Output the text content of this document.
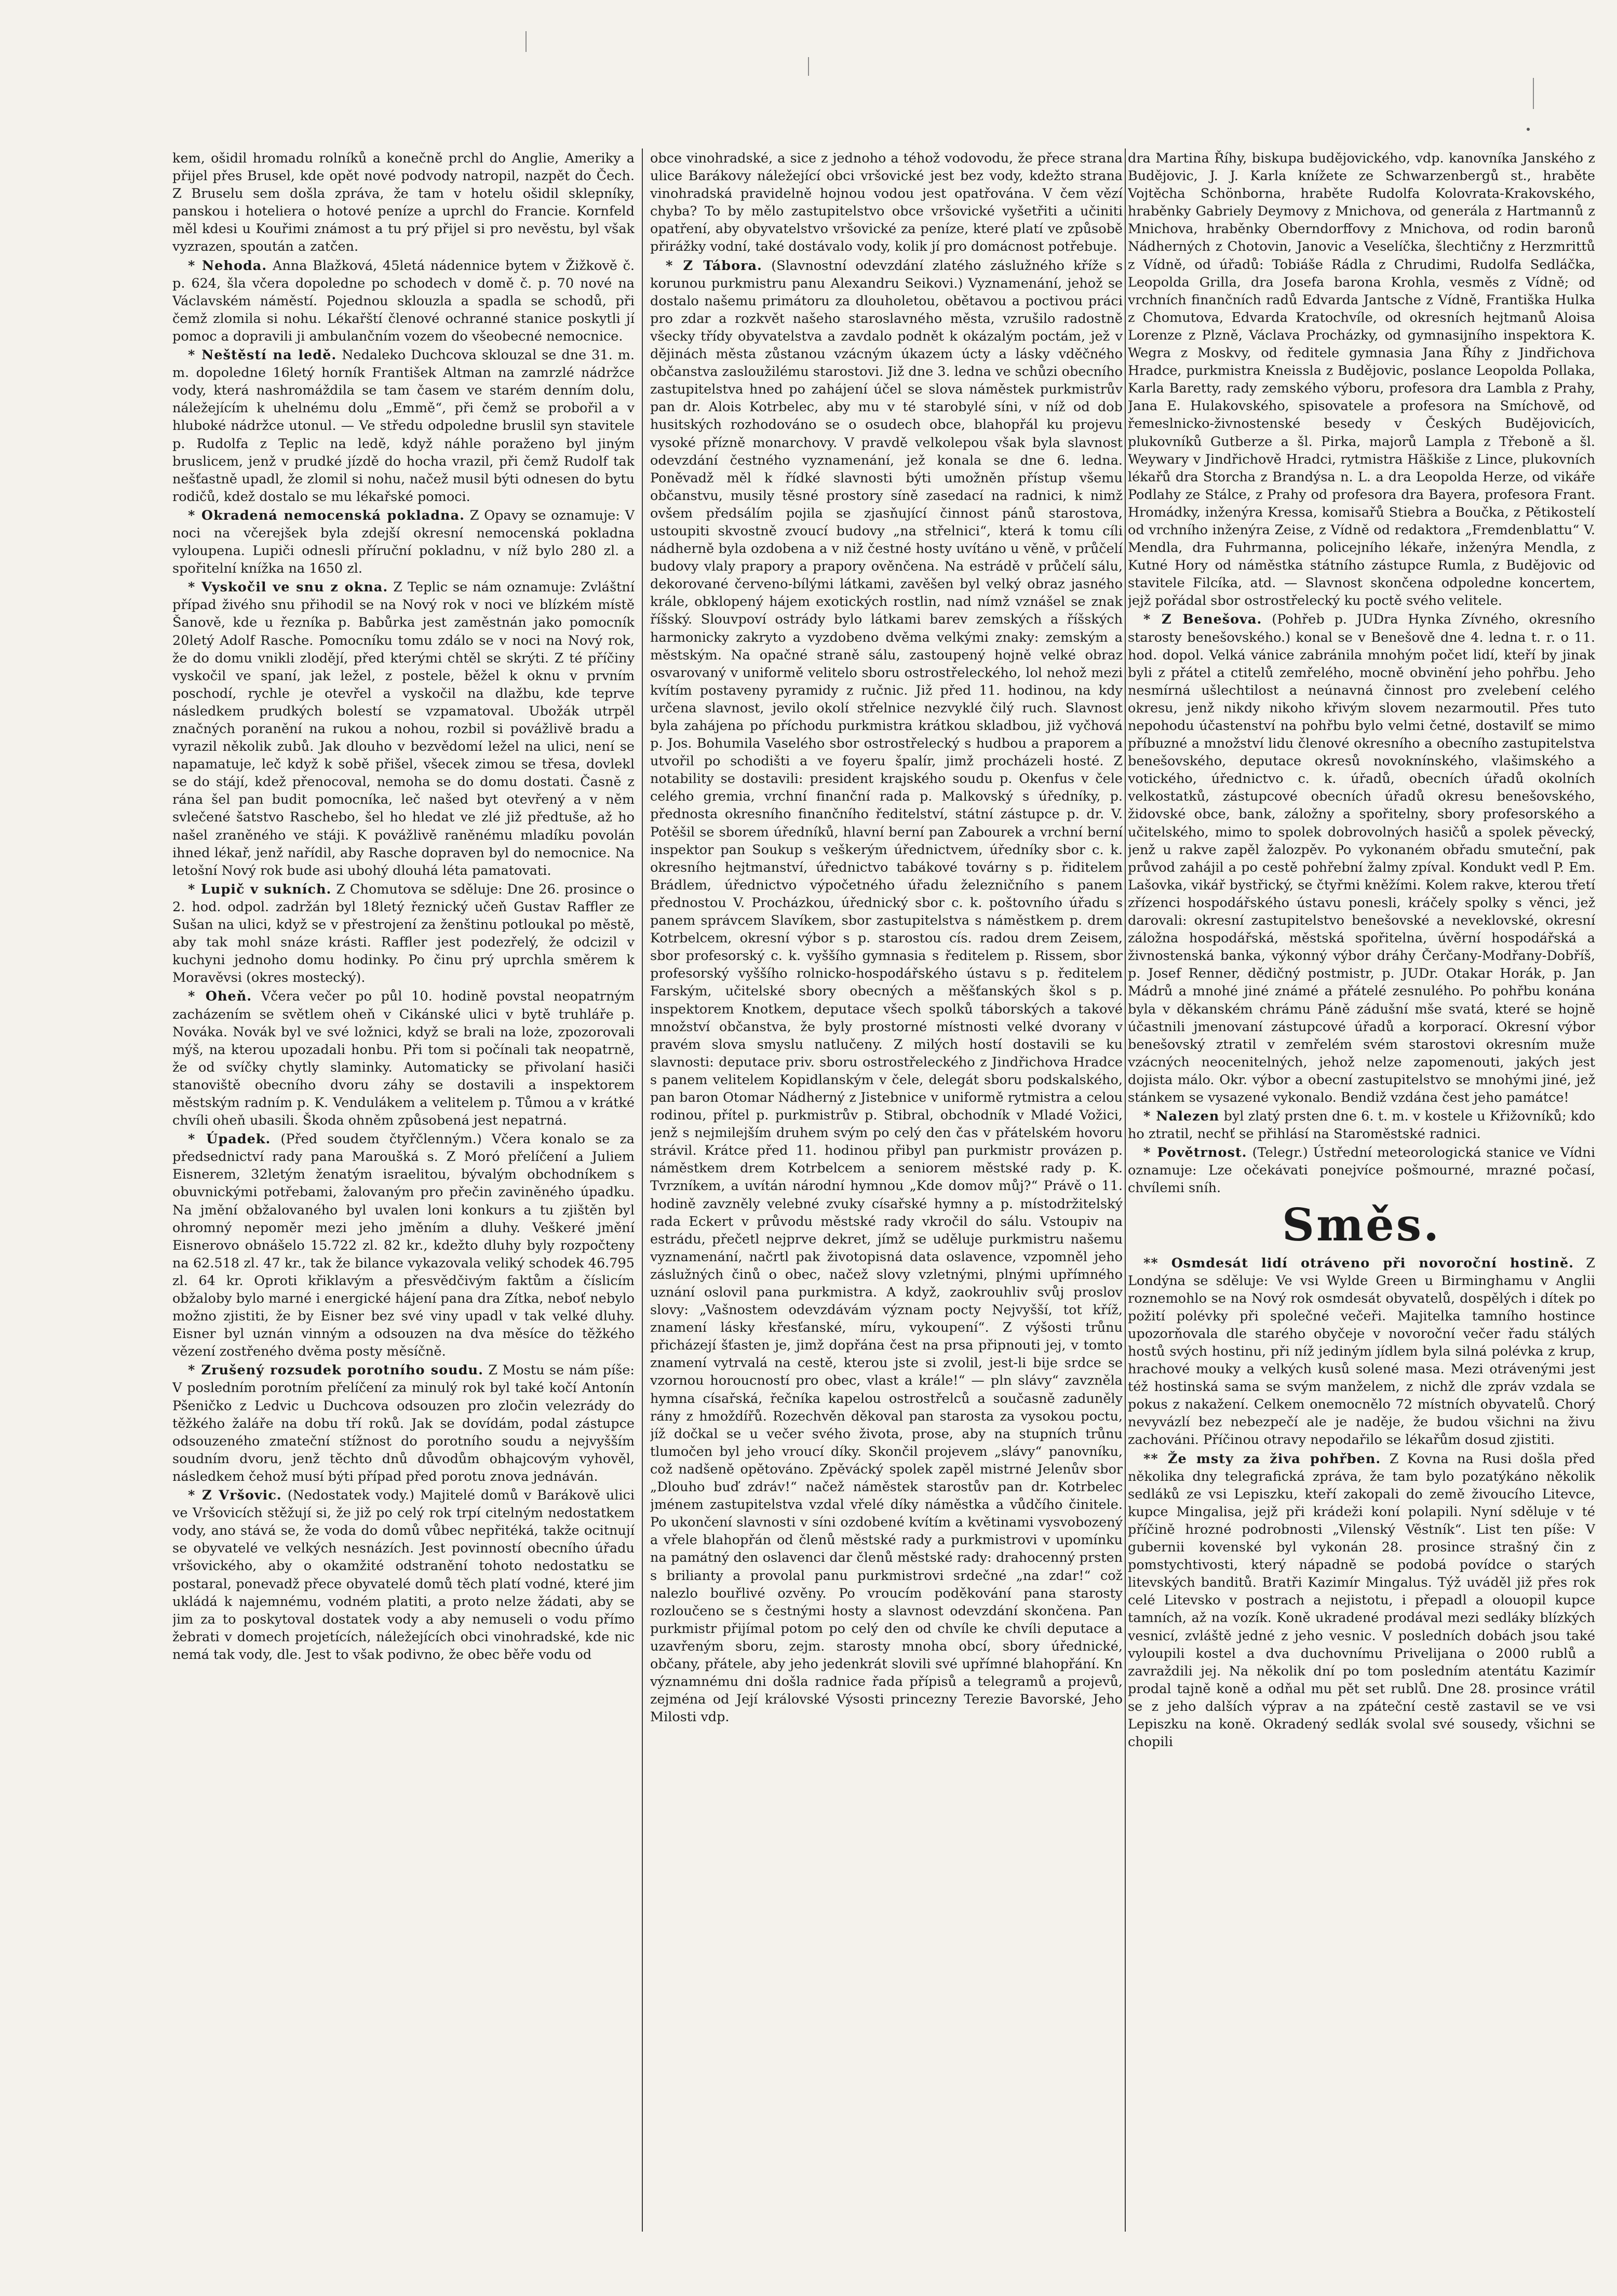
kem, ošidil hromadu rolníků a konečně prchl do Anglie, Ameriky a přijel přes Brusel, kde opět nové podvody natropil, nazpět do Čech. Z Bruselu sem došla zpráva, že tam v hotelu ošidil sklepníky, panskou i hoteliera o hotové peníze a uprchl do Francie. Kornfeld měl kdesi u Kouřimi známost a tu prý přijel si pro nevěstu, byl však vyzrazen, spoután a zatčen.

* Nehoda. Anna Blažková, 45letá nádennice bytem v Žižkově č. p. 624, šla včera dopoledne po schodech v domě č. p. 70 nové na Václavském náměstí. Pojednou sklouzla a spadla se schodů, při čemž zlomila si nohu. Lékařští členové ochranné stanice poskytli jí pomoc a dopravili ji ambulančním vozem do všeobecné nemocnice.

* Neštěstí na ledě. Nedaleko Duchcova sklouzal se dne 31. m. m. dopoledne 16letý horník František Altman na zamrzlé nádržce vody, která nashromáždila se tam časem ve starém denním dolu, náležejícím k uhelnému dolu „Emmě“, při čemž se probořil a v hluboké nádržce utonul. — Ve středu odpoledne bruslil syn stavitele p. Rudolfa z Teplic na ledě, když náhle poraženo byl jiným bruslicem, jenž v prudké jízdě do hocha vrazil, při čemž Rudolf tak nešťastně upadl, že zlomil si nohu, načež musil býti odnesen do bytu rodičů, kdež dostalo se mu lékařské pomoci.

* Okradená nemocenská pokladna. Z Opavy se oznamuje: V noci na včerejšek byla zdejší okresní nemocenská pokladna vyloupena. Lupiči odnesli příruční pokladnu, v níž bylo 280 zl. a spořitelní knížka na 1650 zl.

* Vyskočil ve snu z okna. Z Teplic se nám oznamuje: Zvláštní případ živého snu přihodil se na Nový rok v noci ve blízkém místě Šanově, kde u řezníka p. Babůrka jest zaměstnán jako pomocník 20letý Adolf Rasche. Pomocníku tomu zdálo se v noci na Nový rok, že do domu vnikli zlodějí, před kterými chtěl se skrýti. Z té příčiny vyskočil ve spaní, jak ležel, z postele, běžel k oknu v prvním poschodí, rychle je otevřel a vyskočil na dlažbu, kde teprve následkem prudkých bolestí se vzpamatoval. Ubožák utrpěl značných poranění na rukou a nohou, rozbil si povážlivě bradu a vyrazil několik zubů. Jak dlouho v bezvědomí ležel na ulici, není se napamatuje, leč když k sobě přišel, všecek zimou se třesa, dovlekl se do stájí, kdež přenocoval, nemoha se do domu dostati. Časně z rána šel pan budit pomocníka, leč našed byt otevřený a v něm svlečené šatstvo Raschebo, šel ho hledat ve zlé již předtuše, až ho našel zraněného ve stáji. K povážlivě raněnému mladíku povolán ihned lékař, jenž nařídil, aby Rasche dopraven byl do nemocnice. Na letošní Nový rok bude asi ubohý dlouhá léta pamatovati.

* Lupič v sukních. Z Chomutova se sděluje: Dne 26. prosince o 2. hod. odpol. zadržán byl 18letý řeznický učeň Gustav Raffler ze Sušan na ulici, když se v přestrojení za ženštinu potloukal po městě, aby tak mohl snáze krásti. Raffler jest podezřelý, že odcizil v kuchyni jednoho domu hodinky. Po činu prý uprchla směrem k Moravěvsi (okres mostecký).

* Oheň. Včera večer po půl 10. hodině povstal neopatrným zacházením se světlem oheň v Cikánské ulici v bytě truhláře p. Nováka. Novák byl ve své ložnici, když se brali na loże, zpozorovali mýš, na kterou upozadali honbu. Při tom si počínali tak neopatrně, že od svíčky chytly slaminky. Automaticky se přivolaní hasiči stanoviště obecního dvoru záhy se dostavili a inspektorem městským radním p. K. Vendulákem a velitelem p. Tůmou a v krátké chvíli oheň ubasili. Škoda ohněm způsobená jest nepatrná.

* Úpadek. (Před soudem čtyřčlenným.) Včera konalo se za předsednictví rady pana Maroušká s. Z Moró přelíčení a Juliem Eisnerem, 32letým ženatým israelitou, bývalým obchodníkem s obuvnickými potřebami, žalovaným pro přečin zaviněného úpadku. Na jmění obžalovaného byl uvalen loni konkurs a tu zjištěn byl ohromný nepoměr mezi jeho jměním a dluhy. Veškeré jmění Eisnerovo obnášelo 15.722 zl. 82 kr., kdežto dluhy byly rozpočteny na 62.518 zl. 47 kr., tak že bilance vykazovala veliký schodek 46.795 zl. 64 kr. Oproti křiklavým a přesvědčivým faktům a číslicím obžaloby bylo marné i energické hájení pana dra Zítka, neboť nebylo možno zjistiti, že by Eisner bez své viny upadl v tak velké dluhy. Eisner byl uznán vinným a odsouzen na dva měsíce do těžkého vězení zostřeného dvěma posty měsíčně.

* Zrušený rozsudek porotního soudu. Z Mostu se nám píše: V posledním porotním přelíčení za minulý rok byl také kočí Antonín Pšeničko z Ledvic u Duchcova odsouzen pro zločin velezrády do těžkého žaláře na dobu tří roků. Jak se dovídám, podal zástupce odsouzeného zmateční stížnost do porotního soudu a nejvyšším soudním dvoru, jenž těchto dnů důvodům obhajcovým vyhověl, následkem čehož musí býti případ před porotu znova jednáván.

* Z Vršovic. (Nedostatek vody.) Majitelé domů v Barákově ulici ve Vršovicích stěžují si, že již po celý rok trpí citelným nedostatkem vody, ano stává se, že voda do domů vůbec nepřitéká, takže ocitnují se obyvatelé ve velkých nesnázích. Jest povinností obecního úřadu vršovického, aby o okamžité odstranění tohoto nedostatku se postaral, ponevadž přece obyvatelé domů těch platí vodné, které jim ukládá k najemnému, vodném platiti, a proto nelze žádati, aby se jim za to poskytoval dostatek vody a aby nemuseli o vodu přímo žebrati v domech projetících, náležejících obci vinohradské, kde nic nemá tak vody, dle. Jest to však podivno, že obec běře vodu od

obce vinohradské, a sice z jednoho a téhož vodovodu, že přece strana ulice Barákovy náležející obci vršovické jest bez vody, kdežto strana vinohradská pravidelně hojnou vodou jest opatřována. V čem vězí chyba? To by mělo zastupitelstvo obce vršovické vyšetřiti a učiniti opatření, aby obyvatelstvo vršovické za peníze, které platí ve způsobě přirážky vodní, také dostávalo vody, kolik jí pro domácnost potřebuje.

* Z Tábora. (Slavnostní odevzdání zlatého záslužného kříže s korunou purkmistru panu Alexandru Seikovi.) Vyznamenání, jehož se dostalo našemu primátoru za dlouholetou, obětavou a poctivou práci pro zdar a rozkvět našeho staroslavného města, vzrušilo radostně všecky třídy obyvatelstva a zavdalo podnět k okázalým poctám, jež v dějinách města zůstanou vzácným úkazem úcty a lásky vděčného občanstva zasloužilému starostovi. Již dne 3. ledna ve schůzi obecního zastupitelstva hned po zahájení účel se slova náměstek purkmistrův pan dr. Alois Kotrbelec, aby mu v té starobylé síni, v níž od dob husitských rozhodováno se o osudech obce, blahopřál ku projevu vysoké přízně monarchovy. V pravdě velkolepou však byla slavnost odevzdání čestného vyznamenání, jež konala se dne 6. ledna. Poněvadž měl k řídké slavnosti býti umožněn přístup všemu občanstvu, musily těsné prostory síně zasedací na radnici, k nimž ovšem předsálím pojila se zjasňující činnost pánů starostova, ustoupiti skvostně zvoucí budovy „na střelnici“, která k tomu cíli nádherně byla ozdobena a v niž čestné hosty uvítáno u věně, v průčelí budovy vlaly prapory a prapory ověnčena. Na estrádě v průčelí sálu, dekorované červeno-bílými látkami, zavěšen byl velký obraz jasného krále, obklopený hájem exotických rostlin, nad nímž vznášel se znak říšský. Slouvpoví ostrády bylo látkami barev zemských a říšských harmonicky zakryto a vyzdobeno dvěma velkými znaky: zemským a městským. Na opačné straně sálu, zastoupený hojně velké obraz osvarovaný v uniformě velitelo sboru ostrostřeleckého, lol nehož mezi kvítím postaveny pyramidy z ručnic. Již před 11. hodinou, na kdy určena slavnost, jevilo okolí střelnice nezvyklé čilý ruch. Slavnost byla zahájena po příchodu purkmistra krátkou skladbou, již vyčhová p. Jos. Bohumila Vaselého sbor ostrostřelecký s hudbou a praporem a utvořil po schodišti a ve foyeru špalír, jimž procházeli hosté. Z notability se dostavili: president krajského soudu p. Okenfus v čele celého gremia, vrchní finanční rada p. Malkovský s úředníky, p. přednosta okresního finančního ředitelství, státní zástupce p. dr. V. Potěšil se sborem úředníků, hlavní berní pan Zabourek a vrchní berní inspektor pan Soukup s veškerým úřednictvem, úředníky sbor c. k. okresního hejtmanství, úřednictvo tabákové továrny s p. řiditelem Brádlem, úřednictvo výpočetného úřadu železničního s panem přednostou V. Procházkou, úřednický sbor c. k. poštovního úřadu s panem správcem Slavíkem, sbor zastupitelstva s náměstkem p. drem Kotrbelcem, okresní výbor s p. starostou cís. radou drem Zeisem, sbor profesorský c. k. vyššího gymnasia s ředitelem p. Rissem, sbor profesorský vyššího rolnicko-hospodářského ústavu s p. ředitelem Farským, učitelské sbory obecných a měšťanských škol s p. inspektorem Knotkem, deputace všech spolků táborských a takové množství občanstva, že byly prostorné místnosti velké dvorany v pravém slova smyslu natlučeny. Z milých hostí dostavili se ku slavnosti: deputace priv. sboru ostrostřeleckého z Jindřichova Hradce s panem velitelem Kopidlanským v čele, delegát sboru podskalského, pan baron Otomar Nádherný z Jistebnice v uniformě rytmistra a celou rodinou, přítel p. purkmistrův p. Stibral, obchodník v Mladé Vožici, jenž s nejmilejším druhem svým po celý den čas v přátelském hovoru strávil. Krátce před 11. hodinou přibyl pan purkmistr provázen p. náměstkem drem Kotrbelcem a seniorem městské rady p. K. Tvrzníkem, a uvítán národní hymnou „Kde domov můj?“ Právě o 11. hodině zavzněly velebné zvuky císařské hymny a p. místodržitelský rada Eckert v průvodu městské rady vkročil do sálu. Vstoupiv na estrádu, přečetl nejprve dekret, jímž se uděluje purkmistru našemu vyznamenání, načrtl pak životopisná data oslavence, vzpomněl jeho záslužných činů o obec, načež slovy vzletnými, plnými upřímného uznání oslovil pana purkmistra. A když, zaokrouhliv svůj proslov slovy: „Vašnostem odevzdávám význam pocty Nejvyšší, tot kříž, znamení lásky křesťanské, míru, vykoupení“. Z výšosti trůnu přicházejí šťasten je, jimž dopřána čest na prsa připnouti jej, v tomto znamení vytrvalá na cestě, kterou jste si zvolil, jest-li bije srdce se vzornou horoucností pro obec, vlast a krále!“ — pln slávy“ zavzněla hymna císařská, řečníka kapelou ostrostřelců a současně zaduněly rány z hmoždířů. Rozechvěn děkoval pan starosta za vysokou poctu, jíž dočkal se u večer svého života, prose, aby na stupních trůnu tlumočen byl jeho vroucí díky. Skončil projevem „slávy“ panovníku, což nadšeně opětováno. Zpěvácký spolek zapěl mistrné Jelenův sbor „Dlouho buď zdráv!“ načež náměstek starostův pan dr. Kotrbelec jménem zastupitelstva vzdal vřelé díky náměstka a vůdčího činitele. Po ukončení slavnosti v síni ozdobené kvítím a květinami vysvobozený a vřele blahopřán od členů městské rady a purkmistrovi v upomínku na památný den oslavenci dar členů městské rady: drahocenný prsten s brilianty a provolal panu purkmistrovi srdečné „na zdar!“ což nalezlo bouřlivé ozvěny. Po vroucím poděkování pana starosty rozloučeno se s čestnými hosty a slavnost odevzdání skončena. Pan purkmistr přijímal potom po celý den od chvíle ke chvíli deputace a uzavřeným sboru, zejm. starosty mnoha obcí, sbory úřednické, občany, přátele, aby jeho jedenkrát slovili své upřímné blahopřání. Kn významnému dni došla radnice řada přípisů a telegramů a projevů, zejména od Její královské Výsosti princezny Terezie Bavorské, Jeho Milosti vdp.

dra Martina Říhy, biskupa budějovického, vdp. kanovníka Janského z Budějovic, J. J. Karla knížete ze Schwarzenbergů st., hraběte Vojtěcha Schönborna, hraběte Rudolfa Kolovrata-Krakovského, hraběnky Gabriely Deymovy z Mnichova, od generála z Hartmannů z Mnichova, hraběnky Oberndorffovy z Mnichova, od rodin baronů Nádherných z Chotovin, Janovic a Veselíčka, šlechtičny z Herzmrittů z Vídně, od úřadů: Tobiáše Rádla z Chrudimi, Rudolfa Sedláčka, Leopolda Grilla, dra Josefa barona Krohla, vesměs z Vídně; od vrchních finančních radů Edvarda Jantsche z Vídně, Františka Hulka z Chomutova, Edvarda Kratochvíle, od okresních hejtmanů Aloisa Lorenze z Plzně, Václava Procházky, od gymnasijního inspektora K. Wegra z Moskvy, od ředitele gymnasia Jana Říhy z Jindřichova Hradce, purkmistra Kneissla z Budějovic, poslance Leopolda Pollaka, Karla Baretty, rady zemského výboru, profesora dra Lambla z Prahy, Jana E. Hulakovského, spisovatele a profesora na Smíchově, od řemeslnicko-živnostenské besedy v Českých Budějovicích, plukovníků Gutberze a šl. Pirka, majorů Lampla z Třeboně a šl. Weywary v Jindřichově Hradci, rytmistra Häškiše z Lince, plukovních lékařů dra Storcha z Brandýsa n. L. a dra Leopolda Herze, od vikáře Podlahy ze Stálce, z Prahy od profesora dra Bayera, profesora Frant. Hromádky, inženýra Kressa, komisařů Stiebra a Boučka, z Pětikostelí od vrchního inženýra Zeise, z Vídně od redaktora „Fremdenblattu“ V. Mendla, dra Fuhrmanna, policejního lékaře, inženýra Mendla, z Kutné Hory od náměstka státního zástupce Rumla, z Budějovic od stavitele Filcíka, atd. — Slavnost skončena odpoledne koncertem, jejž pořádal sbor ostrostřelecký ku poctě svého velitele.

* Z Benešova. (Pohřeb p. JUDra Hynka Zívného, okresního starosty benešovského.) konal se v Benešově dne 4. ledna t. r. o 11. hod. dopol. Velká vánice zabránila mnohým počet lidí, kteří by jinak byli z přátel a ctitelů zemřelého, mocně obvinění jeho pohřbu. Jeho nesmírná ušlechtilost a neúnavná činnost pro zvelebení celého okresu, jenž nikdy nikoho křivým slovem nezarmoutil. Přes tuto nepohodu účastenství na pohřbu bylo velmi četné, dostavilť se mimo příbuzné a množství lidu členové okresního a obecního zastupitelstva benešovského, deputace okresů novoknínského, vlašimského a votického, úřednictvo c. k. úřadů, obecních úřadů okolních velkostatků, zástupcové obecních úřadů okresu benešovského, židovské obce, bank, záložny a spořitelny, sbory profesorského a učitelského, mimo to spolek dobrovolných hasičů a spolek pěvecký, jenž u rakve zapěl žalozpěv. Po vykonaném obřadu smuteční, pak průvod zahájil a po cestě pohřební žalmy zpíval. Kondukt vedl P. Em. Lašovka, vikář bystřický, se čtyřmi kněžími. Kolem rakve, kterou třetí zřízenci hospodářského ústavu ponesli, kráčely spolky s věnci, jež darovali: okresní zastupitelstvo benešovské a neveklovské, okresní záložna hospodářská, městská spořitelna, úvěrní hospodářská a živnostenská banka, výkonný výbor dráhy Čerčany-Modřany-Dobříš, p. Josef Renner, dědičný postmistr, p. JUDr. Otakar Horák, p. Jan Mádrů a mnohé jiné známé a přátelé zesnulého. Po pohřbu konána byla v děkanském chrámu Páně zádušní mše svatá, které se hojně účastnili jmenovaní zástupcové úřadů a korporací. Okresní výbor benešovský ztratil v zemřelém svém starostovi okresním muže vzácných neocenitelných, jehož nelze zapomenouti, jakých jest dojista málo. Okr. výbor a obecní zastupitelstvo se mnohými jiné, jež stánkem se vysazené vykonalo. Bendiž vzdána čest jeho památce!

* Nalezen byl zlatý prsten dne 6. t. m. v kostele u Křižovníků; kdo ho ztratil, nechť se přihlásí na Staroměstské radnici.

* Povětrnost. (Telegr.) Ústřední meteorologická stanice ve Vídni oznamuje: Lze očekávati ponejvíce pošmourné, mrazné počasí, chvílemi sníh.

Směs.

** Osmdesát lidí otráveno při novoroční hostině. Z Londýna se sděluje: Ve vsi Wylde Green u Birminghamu v Anglii roznemohlo se na Nový rok osmdesát obyvatelů, dospělých i dítek po požití polévky při společné večeři. Majitelka tamního hostince upozorňovala dle starého obyčeje v novoroční večer řadu stálých hostů svých hostinu, při níž jediným jídlem byla silná polévka z krup, hrachové mouky a velkých kusů solené masa. Mezi otrávenými jest též hostinská sama se svým manželem, z nichž dle zpráv vzdala se pokus z nakažení. Celkem onemocnělo 72 místních obyvatelů. Chorý nevyvázlí bez nebezpečí ale je naděje, že budou všichni na živu zachováni. Příčinou otravy nepodařilo se lékařům dosud zjistiti.

** Že msty za živa pohřben. Z Kovna na Rusi došla před několika dny telegrafická zpráva, že tam bylo pozatýkáno několik sedláků ze vsi Lepiszku, kteří zakopali do země živoucího Litevce, kupce Mingalisa, jejž při krádeži koní polapili. Nyní sděluje v té příčině hrozné podrobnosti „Vilenský Věstník“. List ten píše: V gubernii kovenské byl vykonán 28. prosince strašný čin z pomstychtivosti, který nápadně se podobá povídce o starých litevských banditů. Bratři Kazimír Mingalus. Týž uváděl již přes rok celé Litevsko v postrach a nejistotu, i přepadl a olouopil kupce tamních, až na vozík. Koně ukradené prodával mezi sedláky blízkých vesnicí, zvláště jedné z jeho vesnic. V posledních dobách jsou také vyloupili kostel a dva duchovnímu Privelijana o 2000 rublů a zavraždili jej. Na několik dní po tom posledním atentátu Kazimír prodal tajně koně a odňal mu pět set rublů. Dne 28. prosince vrátil se z jeho dalších výprav a na zpáteční cestě zastavil se ve vsi Lepiszku na koně. Okradený sedlák svolal své sousedy, všichni se chopili
